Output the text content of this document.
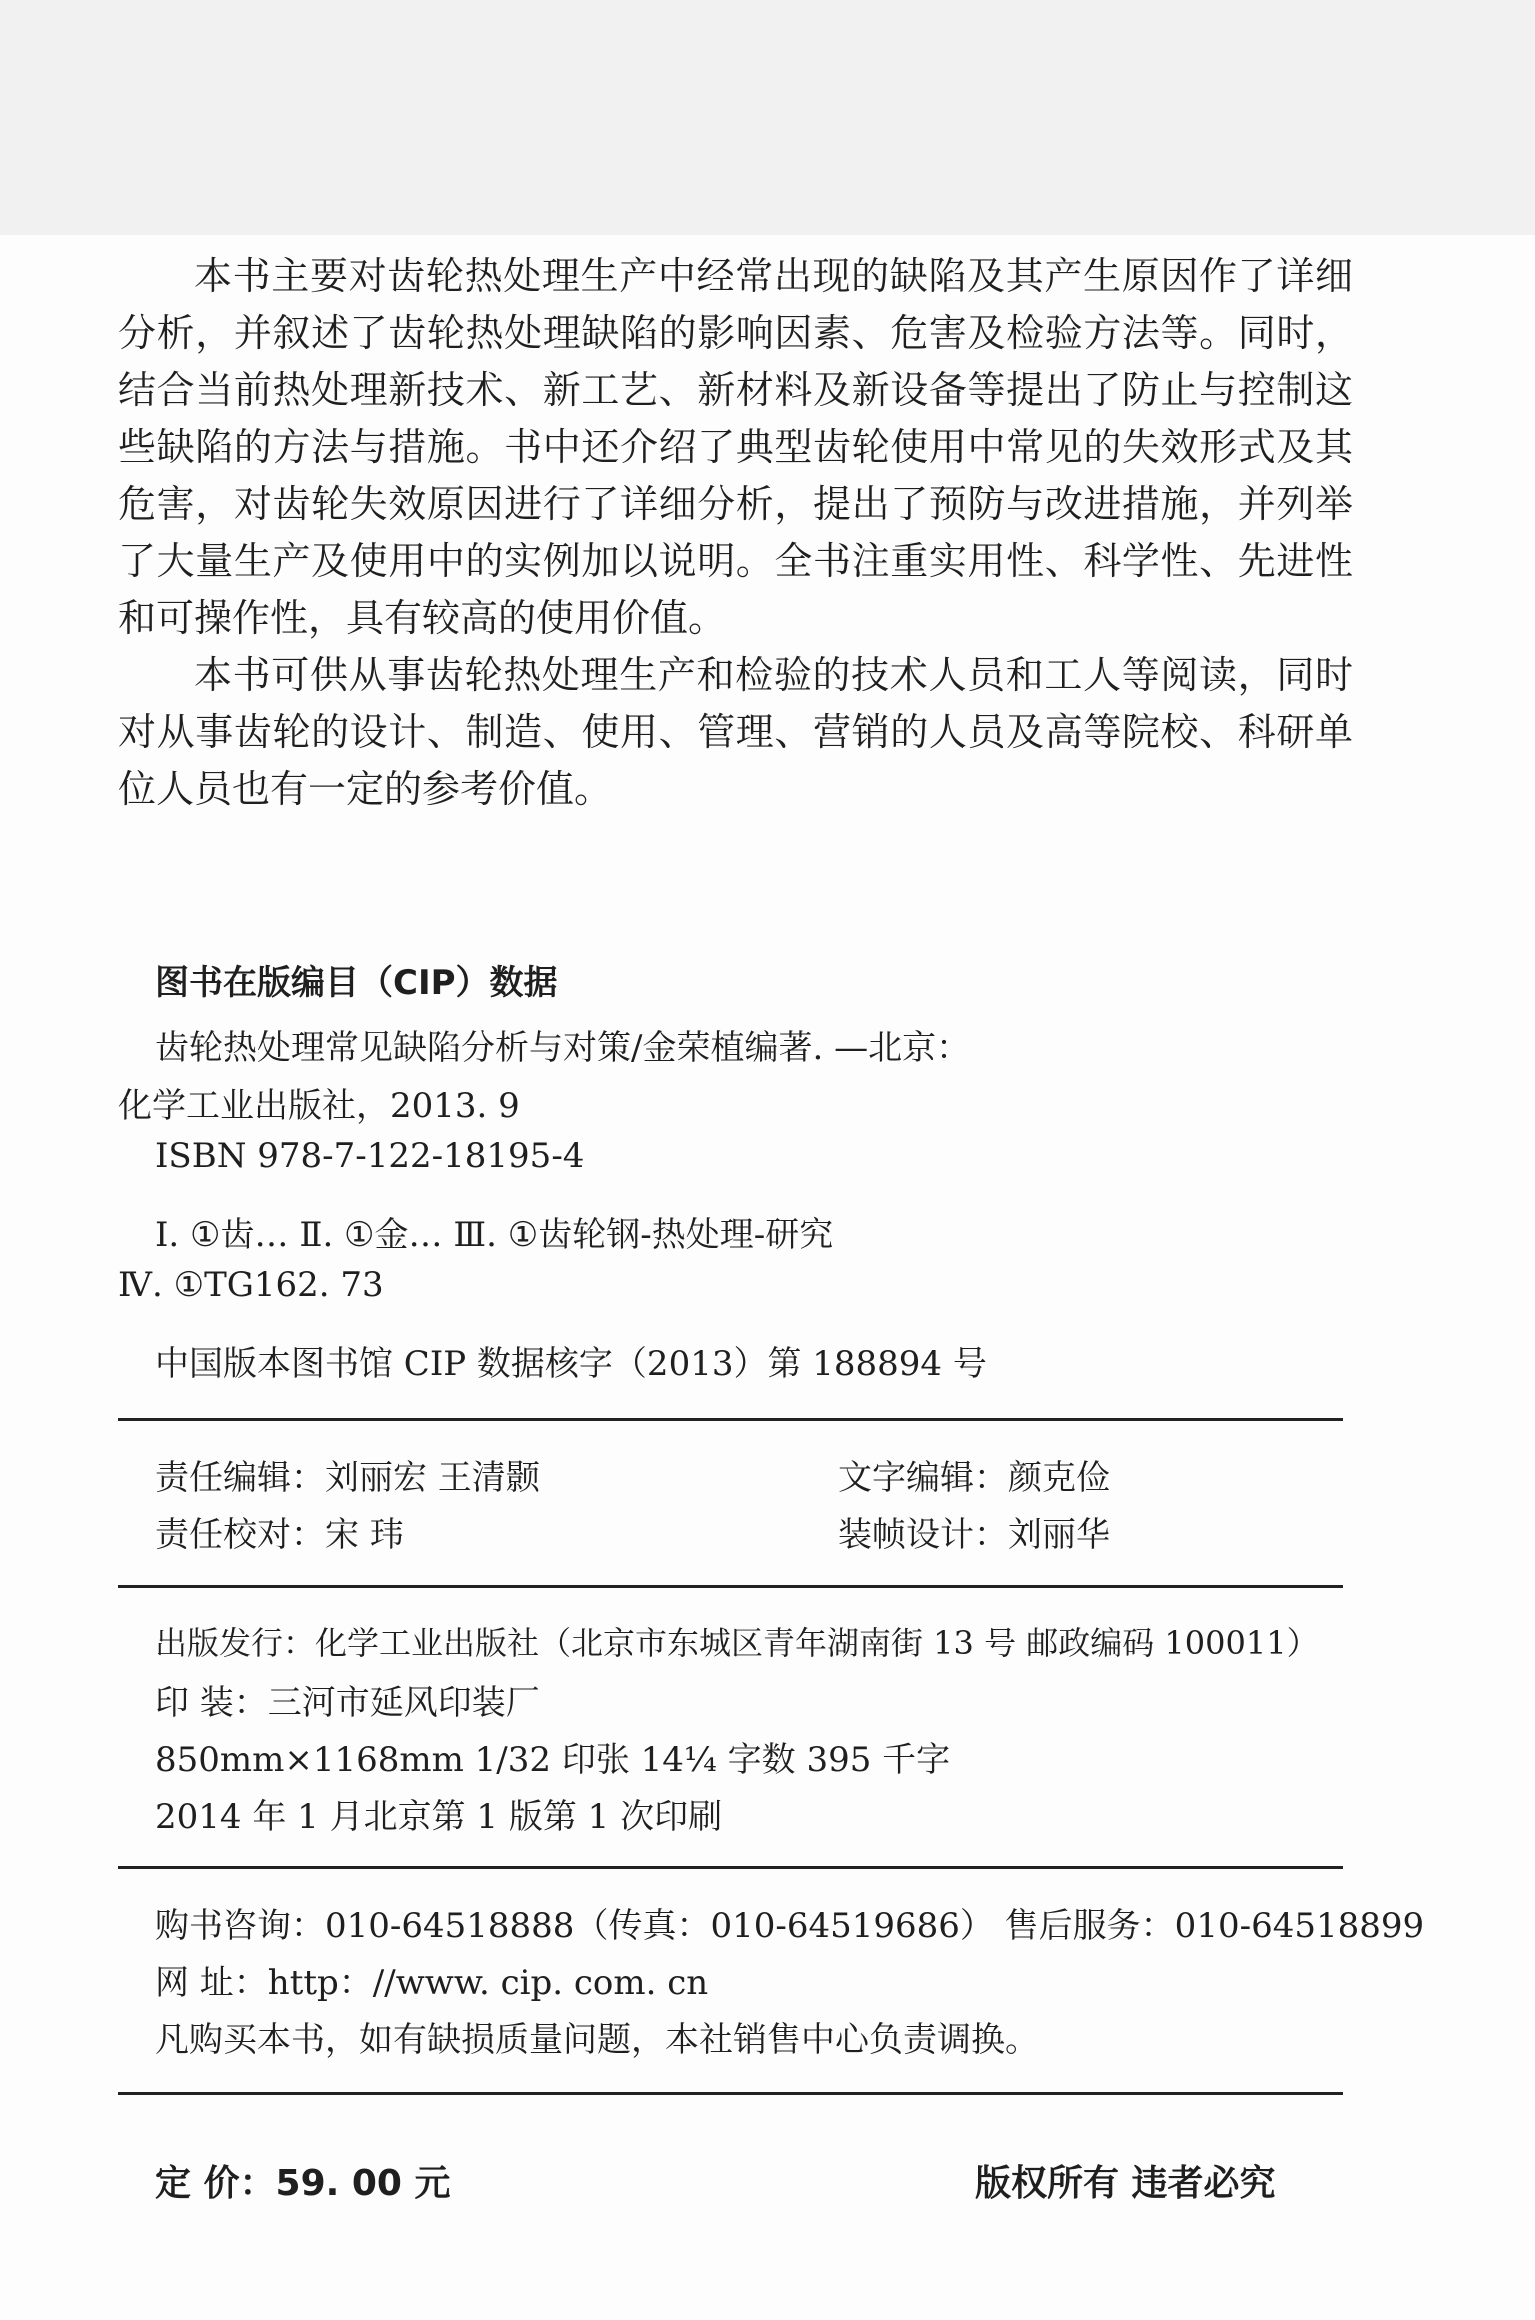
本书主要对齿轮热处理生产中经常出现的缺陷及其产生原因作了详细分析，并叙述了齿轮热处理缺陷的影响因素、危害及检验方法等。同时，结合当前热处理新技术、新工艺、新材料及新设备等提出了防止与控制这些缺陷的方法与措施。书中还介绍了典型齿轮使用中常见的失效形式及其危害，对齿轮失效原因进行了详细分析，提出了预防与改进措施，并列举了大量生产及使用中的实例加以说明。全书注重实用性、科学性、先进性和可操作性，具有较高的使用价值。

本书可供从事齿轮热处理生产和检验的技术人员和工人等阅读，同时对从事齿轮的设计、制造、使用、管理、营销的人员及高等院校、科研单位人员也有一定的参考价值。

图书在版编目（CIP）数据
齿轮热处理常见缺陷分析与对策/金荣植编著. —北京：
化学工业出版社，2013. 9
ISBN 978-7-122-18195-4
Ⅰ. ①齿… Ⅱ. ①金… Ⅲ. ①齿轮钢-热处理-研究
Ⅳ. ①TG162. 73
中国版本图书馆 CIP 数据核字（2013）第 188894 号
责任编辑：刘丽宏 王清颢	文字编辑：颜克俭
责任校对：宋 玮	装帧设计：刘丽华
出版发行：化学工业出版社（北京市东城区青年湖南街 13 号 邮政编码 100011）
印 装：三河市延风印装厂
850mm×1168mm 1/32 印张 14¼ 字数 395 千字
2014 年 1 月北京第 1 版第 1 次印刷
购书咨询：010-64518888（传真：010-64519686） 售后服务：010-64518899
网 址：http：//www. cip. com. cn
凡购买本书，如有缺损质量问题，本社销售中心负责调换。
定 价：59. 00 元	版权所有 违者必究
